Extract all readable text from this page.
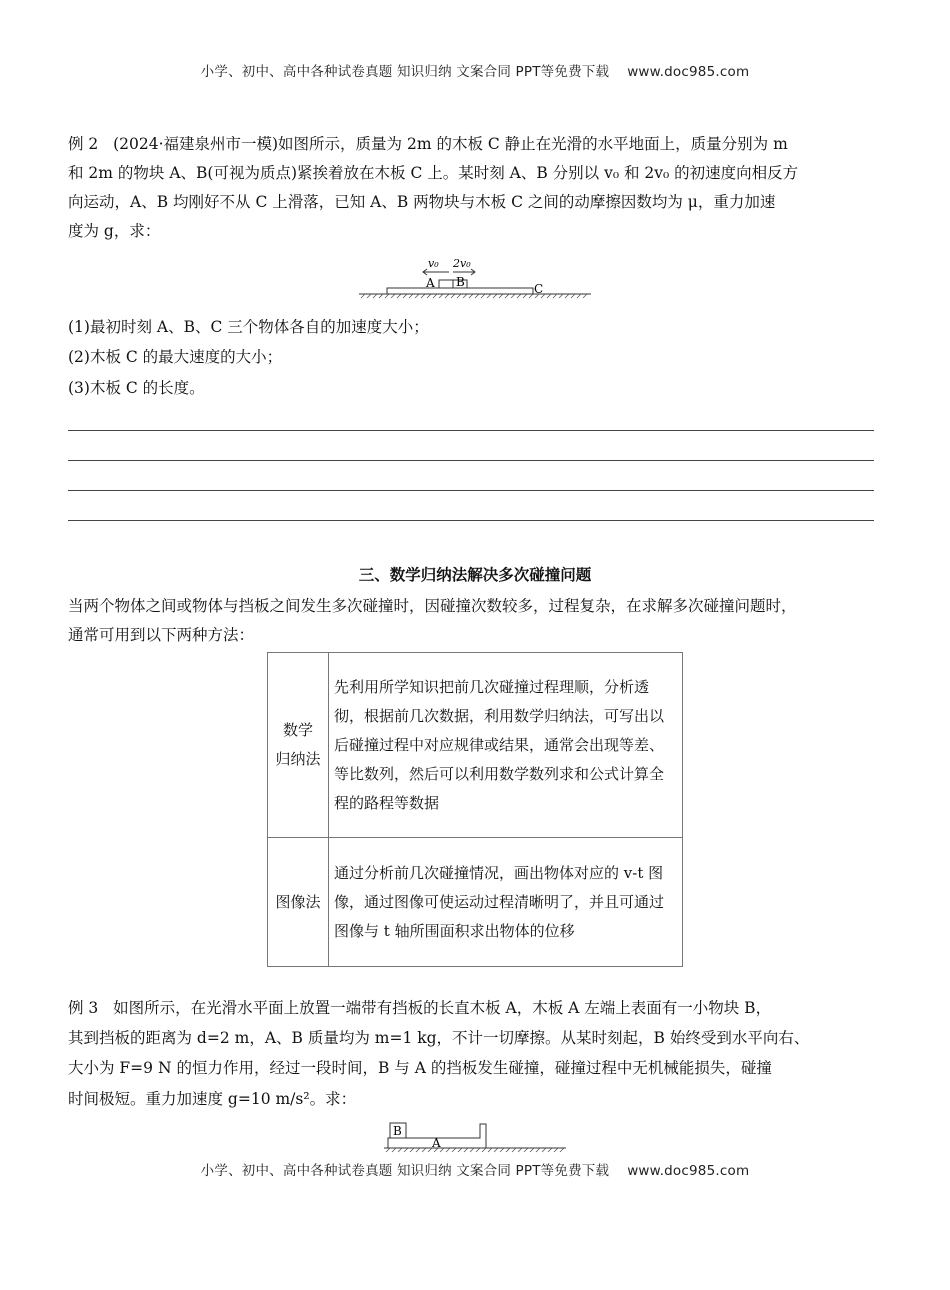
小学、初中、高中各种试卷真题 知识归纳 文案合同 PPT等免费下载 www.doc985.com
例 2 (2024·福建泉州市一模)如图所示，质量为 2m 的木板 C 静止在光滑的水平地面上，质量分别为 m
和 2m 的物块 A、B(可视为质点)紧挨着放在木板 C 上。某时刻 A、B 分别以 v₀ 和 2v₀ 的初速度向相反方
向运动，A、B 均刚好不从 C 上滑落，已知 A、B 两物块与木板 C 之间的动摩擦因数均为 μ，重力加速
度为 g，求：
A B	C
v₀ 2v₀
(1)最初时刻 A、B、C 三个物体各自的加速度大小；
(2)木板 C 的最大速度的大小；
(3)木板 C 的长度。
三、数学归纳法解决多次碰撞问题
当两个物体之间或物体与挡板之间发生多次碰撞时，因碰撞次数较多，过程复杂，在求解多次碰撞问题时，
通常可用到以下两种方法：
数学
归纳法	先利用所学知识把前几次碰撞过程理顺，分析透彻，根据前几次数据，利用数学归纳法，可写出以后碰撞过程中对应规律或结果，通常会出现等差、等比数列，然后可以利用数学数列求和公式计算全程的路程等数据
图像法	通过分析前几次碰撞情况，画出物体对应的 v-t 图像，通过图像可使运动过程清晰明了，并且可通过图像与 t 轴所围面积求出物体的位移
例 3 如图所示，在光滑水平面上放置一端带有挡板的长直木板 A，木板 A 左端上表面有一小物块 B，
其到挡板的距离为 d=2 m，A、B 质量均为 m=1 kg，不计一切摩擦。从某时刻起，B 始终受到水平向右、
大小为 F=9 N 的恒力作用，经过一段时间，B 与 A 的挡板发生碰撞，碰撞过程中无机械能损失，碰撞
时间极短。重力加速度 g=10 m/s²。求：
B
A
小学、初中、高中各种试卷真题 知识归纳 文案合同 PPT等免费下载 www.doc985.com
